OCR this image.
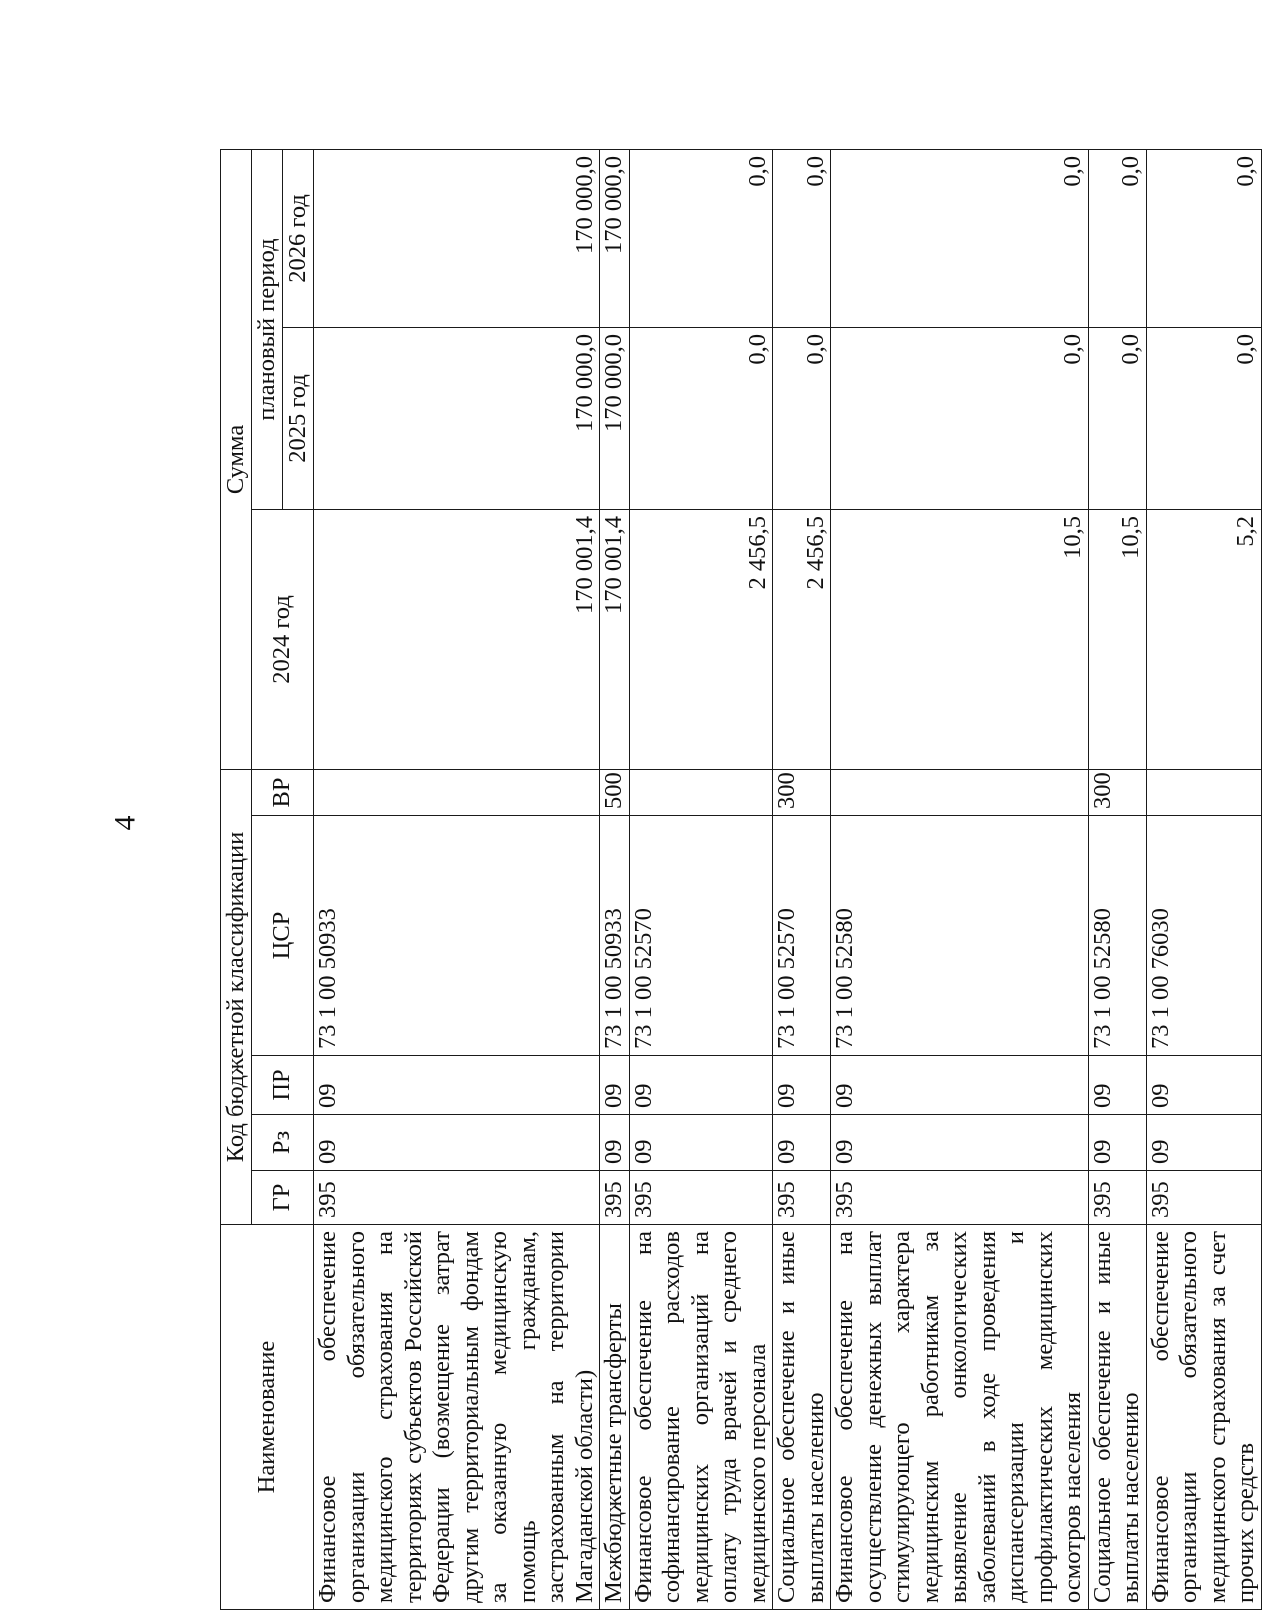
4
Наименование	Код бюджетной классификации					Сумма		
	ГР	Рз	ПР	ЦСР	ВР	2024 год	плановый период	
							2025 год	2026 год
Финансовое обеспечение организации обязательного медицинского страхования на территориях субъектов Российской Федерации (возмещение затрат другим территориальным фондам за оказанную медицинскую помощь гражданам, застрахованным на территории Магаданской области)	395	09	09	73 1 00 50933		170 001,4	170 000,0	170 000,0
Межбюджетные трансферты	395	09	09	73 1 00 50933	500	170 001,4	170 000,0	170 000,0
Финансовое обеспечение на софинансирование расходов медицинских организаций на оплату труда врачей и среднего медицинского персонала	395	09	09	73 1 00 52570		2 456,5	0,0	0,0
Социальное обеспечение и иные выплаты населению	395	09	09	73 1 00 52570	300	2 456,5	0,0	0,0
Финансовое обеспечение на осуществление денежных выплат стимулирующего характера медицинским работникам за выявление онкологических заболеваний в ходе проведения диспансеризации и профилактических медицинских осмотров населения	395	09	09	73 1 00 52580		10,5	0,0	0,0
Социальное обеспечение и иные выплаты населению	395	09	09	73 1 00 52580	300	10,5	0,0	0,0
Финансовое обеспечение организации обязательного медицинского страхования за счет прочих средств	395	09	09	73 1 00 76030		5,2	0,0	0,0
